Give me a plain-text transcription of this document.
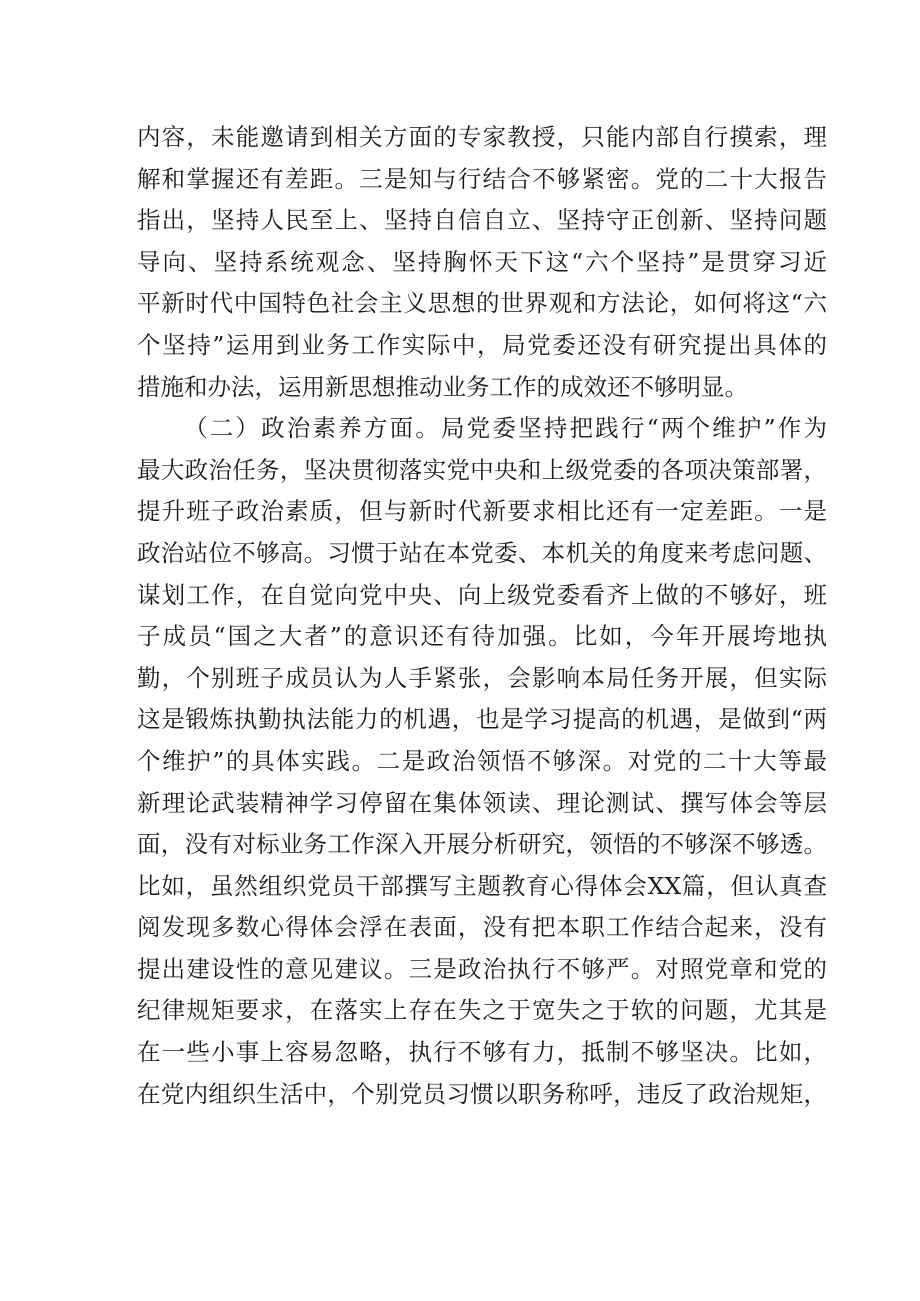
内容，未能邀请到相关方面的专家教授，只能内部自行摸索，理
解和掌握还有差距。三是知与行结合不够紧密。党的二十大报告
指出，坚持人民至上、坚持自信自立、坚持守正创新、坚持问题
导向、坚持系统观念、坚持胸怀天下这“六个坚持”是贯穿习近
平新时代中国特色社会主义思想的世界观和方法论，如何将这“六
个坚持”运用到业务工作实际中，局党委还没有研究提出具体的
措施和办法，运用新思想推动业务工作的成效还不够明显。
（二）政治素养方面。局党委坚持把践行“两个维护”作为
最大政治任务，坚决贯彻落实党中央和上级党委的各项决策部署，
提升班子政治素质，但与新时代新要求相比还有一定差距。一是
政治站位不够高。习惯于站在本党委、本机关的角度来考虑问题、
谋划工作，在自觉向党中央、向上级党委看齐上做的不够好，班
子成员“国之大者”的意识还有待加强。比如，今年开展垮地执
勤，个别班子成员认为人手紧张，会影响本局任务开展，但实际
这是锻炼执勤执法能力的机遇，也是学习提高的机遇，是做到“两
个维护”的具体实践。二是政治领悟不够深。对党的二十大等最
新理论武装精神学习停留在集体领读、理论测试、撰写体会等层
面，没有对标业务工作深入开展分析研究，领悟的不够深不够透。
比如，虽然组织党员干部撰写主题教育心得体会XX篇，但认真查
阅发现多数心得体会浮在表面，没有把本职工作结合起来，没有
提出建设性的意见建议。三是政治执行不够严。对照党章和党的
纪律规矩要求，在落实上存在失之于宽失之于软的问题，尤其是
在一些小事上容易忽略，执行不够有力，抵制不够坚决。比如，
在党内组织生活中，个别党员习惯以职务称呼，违反了政治规矩，
